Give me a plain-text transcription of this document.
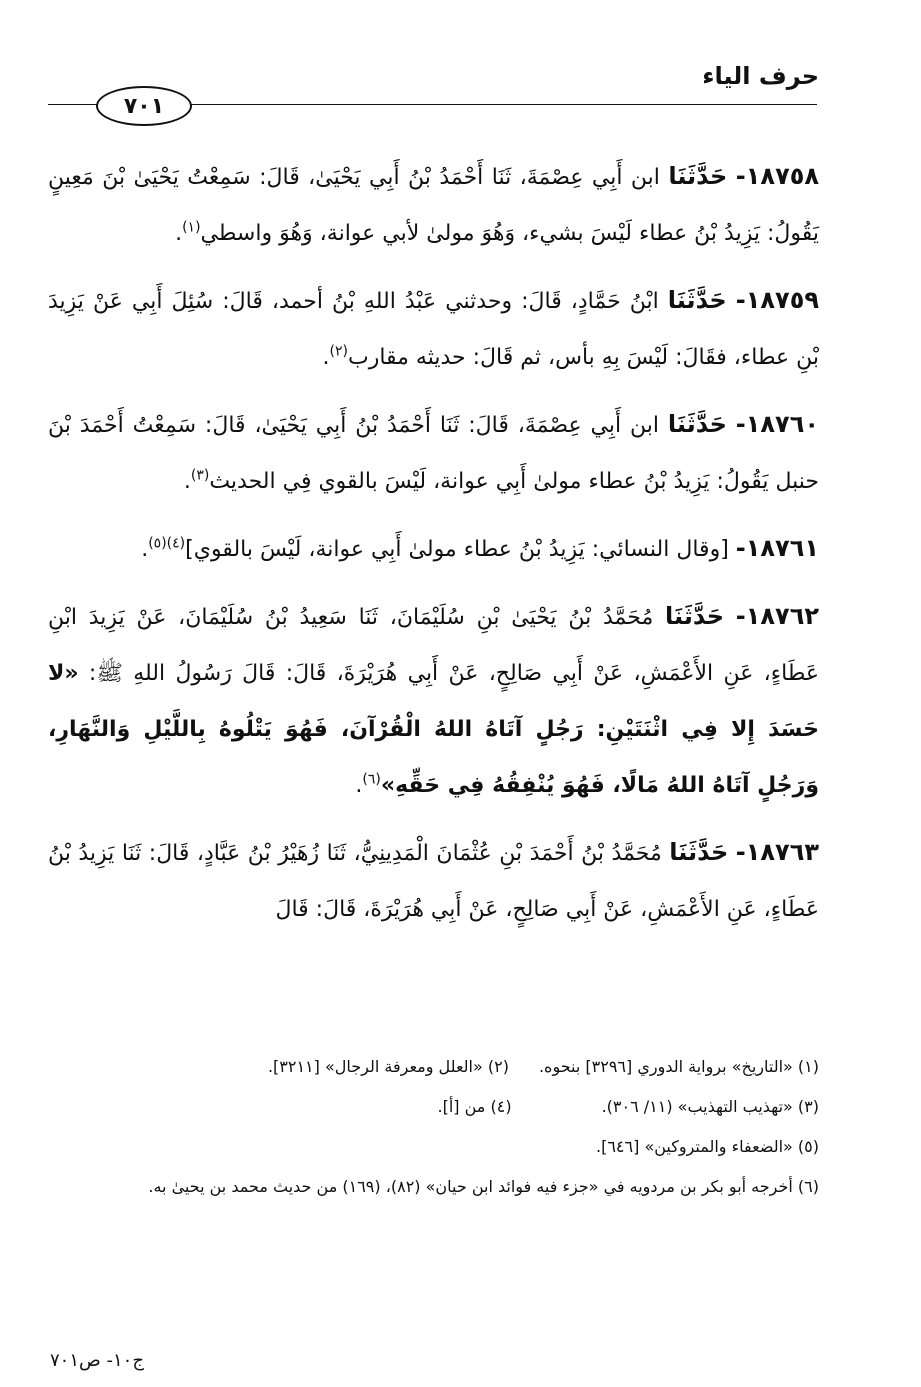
حرف الياء
٧٠١

١٨٧٥٨- حَدَّثَنَا ابن أَبِي عِصْمَةَ، ثَنَا أَحْمَدُ بْنُ أَبِي يَحْيَىٰ، قَالَ: سَمِعْتُ يَحْيَىٰ بْنَ مَعِينٍ يَقُولُ: يَزِيدُ بْنُ عطاء لَيْسَ بشيء، وَهُوَ مولىٰ لأبي عوانة، وَهُوَ واسطي$^{(١)}$.

١٨٧٥٩- حَدَّثَنَا ابْنُ حَمَّادٍ، قَالَ: وحدثني عَبْدُ اللهِ بْنُ أحمد، قَالَ: سُئِلَ أَبِي عَنْ يَزِيدَ بْنِ عطاء، فقَالَ: لَيْسَ بِهِ بأس، ثم قَالَ: حديثه مقارب$^{(٢)}$.

١٨٧٦٠- حَدَّثَنَا ابن أَبِي عِصْمَةَ، قَالَ: ثَنَا أَحْمَدُ بْنُ أَبِي يَحْيَىٰ، قَالَ: سَمِعْتُ أَحْمَدَ بْنَ حنبل يَقُولُ: يَزِيدُ بْنُ عطاء مولىٰ أَبِي عوانة، لَيْسَ بالقوي فِي الحديث$^{(٣)}$.

١٨٧٦١- [وقال النسائي: يَزِيدُ بْنُ عطاء مولىٰ أَبِي عوانة، لَيْسَ بالقوي]$^{(٤)(٥)}$.

١٨٧٦٢- حَدَّثَنَا مُحَمَّدُ بْنُ يَحْيَىٰ بْنِ سُلَيْمَانَ، ثَنَا سَعِيدُ بْنُ سُلَيْمَانَ، عَنْ يَزِيدَ ابْنِ عَطَاءٍ، عَنِ الأَعْمَشِ، عَنْ أَبِي صَالِحٍ، عَنْ أَبِي هُرَيْرَةَ، قَالَ: قَالَ رَسُولُ اللهِ ﷺ: «لا حَسَدَ إِلا فِي اثْنَتَيْنِ: رَجُلٍ آتَاهُ اللهُ الْقُرْآنَ، فَهُوَ يَتْلُوهُ بِاللَّيْلِ وَالنَّهَارِ، وَرَجُلٍ آتَاهُ اللهُ مَالًا، فَهُوَ يُنْفِقُهُ فِي حَقِّهِ»$^{(٦)}$.

١٨٧٦٣- حَدَّثَنَا مُحَمَّدُ بْنُ أَحْمَدَ بْنِ عُثْمَانَ الْمَدِينِيُّ، ثَنَا زُهَيْرُ بْنُ عَبَّادٍ، قَالَ: ثَنَا يَزِيدُ بْنُ عَطَاءٍ، عَنِ الأَعْمَشِ، عَنْ أَبِي صَالِحٍ، عَنْ أَبِي هُرَيْرَةَ، قَالَ: قَالَ

(١) «التاريخ» برواية الدوري [٣٢٩٦] بنحوه.
(٢) «العلل ومعرفة الرجال» [٣٢١١].
(٣) «تهذيب التهذيب» (١١/ ٣٠٦).
(٤) من [أ].
(٥) «الضعفاء والمتروكين» [٦٤٦].
(٦) أخرجه أبو بكر بن مردويه في «جزء فيه فوائد ابن حيان» (٨٢)، (١٦٩) من حديث محمد بن يحيىٰ به.
ج١٠- ص٧٠١
